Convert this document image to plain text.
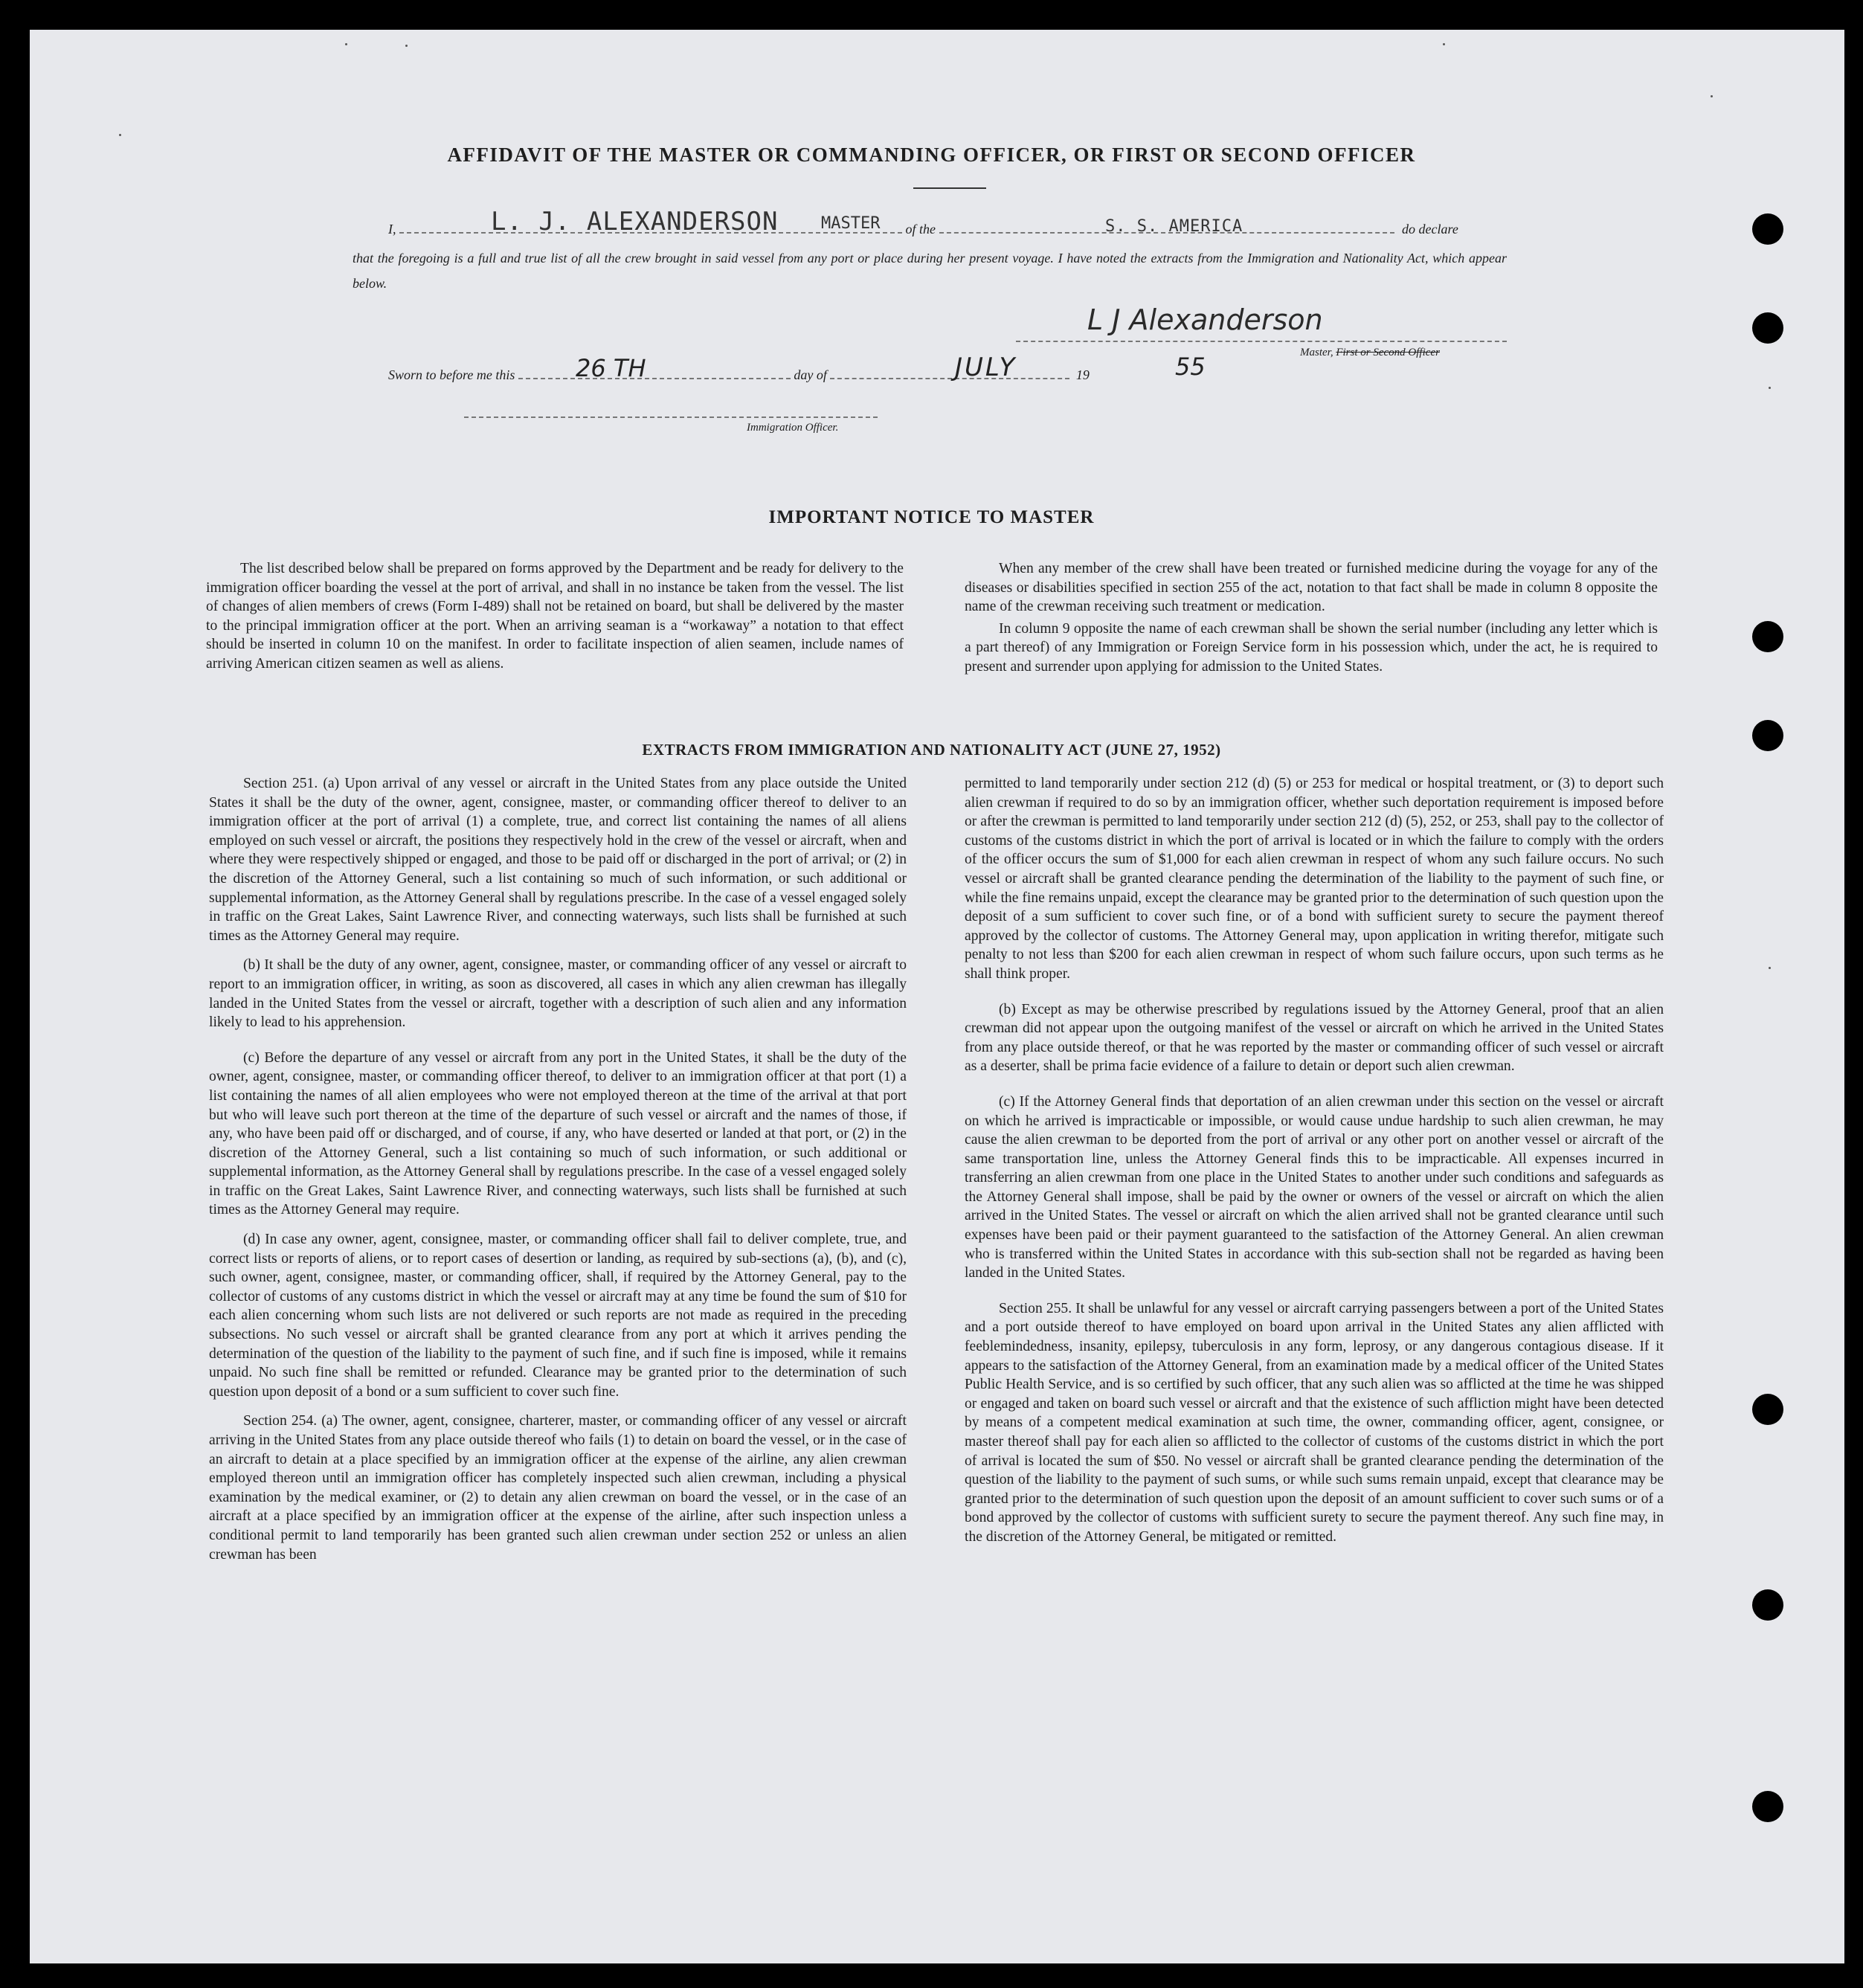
AFFIDAVIT OF THE MASTER OR COMMANDING OFFICER, OR FIRST OR SECOND OFFICER
I,	of the	do declare
L. J. ALEXANDERSON	MASTER	S. S. AMERICA
that the foregoing is a full and true list of all the crew brought in said vessel from any port or place during her present voyage. I have noted the extracts from the Immigration and Nationality Act, which appear below.
L J Alexanderson
Master, First or Second Officer
Sworn to before me this	day of	19
26 TH	JULY	55
Immigration Officer.
IMPORTANT NOTICE TO MASTER

The list described below shall be prepared on forms approved by the Department and be ready for delivery to the immigration officer boarding the vessel at the port of arrival, and shall in no instance be taken from the vessel. The list of changes of alien members of crews (Form I-489) shall not be retained on board, but shall be delivered by the master to the principal immigration officer at the port. When an arriving seaman is a “workaway” a notation to that effect should be inserted in column 10 on the manifest. In order to facilitate inspection of alien seamen, include names of arriving American citizen seamen as well as aliens.

When any member of the crew shall have been treated or furnished medicine during the voyage for any of the diseases or disabilities specified in section 255 of the act, notation to that fact shall be made in column 8 opposite the name of the crewman receiving such treatment or medication.

In column 9 opposite the name of each crewman shall be shown the serial number (including any letter which is a part thereof) of any Immigration or Foreign Service form in his possession which, under the act, he is required to present and surrender upon applying for admission to the United States.

EXTRACTS FROM IMMIGRATION AND NATIONALITY ACT (JUNE 27, 1952)

Section 251. (a) Upon arrival of any vessel or aircraft in the United States from any place outside the United States it shall be the duty of the owner, agent, consignee, master, or commanding officer thereof to deliver to an immigration officer at the port of arrival (1) a complete, true, and correct list containing the names of all aliens employed on such vessel or aircraft, the positions they respectively hold in the crew of the vessel or aircraft, when and where they were respectively shipped or engaged, and those to be paid off or discharged in the port of arrival; or (2) in the discretion of the Attorney General, such a list containing so much of such information, or such additional or supplemental information, as the Attorney General shall by regulations prescribe. In the case of a vessel engaged solely in traffic on the Great Lakes, Saint Lawrence River, and connecting waterways, such lists shall be furnished at such times as the Attorney General may require.

(b) It shall be the duty of any owner, agent, consignee, master, or commanding officer of any vessel or aircraft to report to an immigration officer, in writing, as soon as discovered, all cases in which any alien crewman has illegally landed in the United States from the vessel or aircraft, together with a description of such alien and any information likely to lead to his apprehension.

(c) Before the departure of any vessel or aircraft from any port in the United States, it shall be the duty of the owner, agent, consignee, master, or commanding officer thereof, to deliver to an immigration officer at that port (1) a list containing the names of all alien employees who were not employed thereon at the time of the arrival at that port but who will leave such port thereon at the time of the departure of such vessel or aircraft and the names of those, if any, who have been paid off or discharged, and of course, if any, who have deserted or landed at that port, or (2) in the discretion of the Attorney General, such a list containing so much of such information, or such additional or supplemental information, as the Attorney General shall by regulations prescribe. In the case of a vessel engaged solely in traffic on the Great Lakes, Saint Lawrence River, and connecting waterways, such lists shall be furnished at such times as the Attorney General may require.

(d) In case any owner, agent, consignee, master, or commanding officer shall fail to deliver complete, true, and correct lists or reports of aliens, or to report cases of desertion or landing, as required by sub-sections (a), (b), and (c), such owner, agent, consignee, master, or commanding officer, shall, if required by the Attorney General, pay to the collector of customs of any customs district in which the vessel or aircraft may at any time be found the sum of $10 for each alien concerning whom such lists are not delivered or such reports are not made as required in the preceding subsections. No such vessel or aircraft shall be granted clearance from any port at which it arrives pending the determination of the question of the liability to the payment of such fine, and if such fine is imposed, while it remains unpaid. No such fine shall be remitted or refunded. Clearance may be granted prior to the determination of such question upon deposit of a bond or a sum sufficient to cover such fine.

Section 254. (a) The owner, agent, consignee, charterer, master, or commanding officer of any vessel or aircraft arriving in the United States from any place outside thereof who fails (1) to detain on board the vessel, or in the case of an aircraft to detain at a place specified by an immigration officer at the expense of the airline, any alien crewman employed thereon until an immigration officer has completely inspected such alien crewman, including a physical examination by the medical examiner, or (2) to detain any alien crewman on board the vessel, or in the case of an aircraft at a place specified by an immigration officer at the expense of the airline, after such inspection unless a conditional permit to land temporarily has been granted such alien crewman under section 252 or unless an alien crewman has been

permitted to land temporarily under section 212 (d) (5) or 253 for medical or hospital treatment, or (3) to deport such alien crewman if required to do so by an immigration officer, whether such deportation requirement is imposed before or after the crewman is permitted to land temporarily under section 212 (d) (5), 252, or 253, shall pay to the collector of customs of the customs district in which the port of arrival is located or in which the failure to comply with the orders of the officer occurs the sum of $1,000 for each alien crewman in respect of whom any such failure occurs. No such vessel or aircraft shall be granted clearance pending the determination of the liability to the payment of such fine, or while the fine remains unpaid, except the clearance may be granted prior to the determination of such question upon the deposit of a sum sufficient to cover such fine, or of a bond with sufficient surety to secure the payment thereof approved by the collector of customs. The Attorney General may, upon application in writing therefor, mitigate such penalty to not less than $200 for each alien crewman in respect of whom such failure occurs, upon such terms as he shall think proper.

(b) Except as may be otherwise prescribed by regulations issued by the Attorney General, proof that an alien crewman did not appear upon the outgoing manifest of the vessel or aircraft on which he arrived in the United States from any place outside thereof, or that he was reported by the master or commanding officer of such vessel or aircraft as a deserter, shall be prima facie evidence of a failure to detain or deport such alien crewman.

(c) If the Attorney General finds that deportation of an alien crewman under this section on the vessel or aircraft on which he arrived is impracticable or impossible, or would cause undue hardship to such alien crewman, he may cause the alien crewman to be deported from the port of arrival or any other port on another vessel or aircraft of the same transportation line, unless the Attorney General finds this to be impracticable. All expenses incurred in transferring an alien crewman from one place in the United States to another under such conditions and safeguards as the Attorney General shall impose, shall be paid by the owner or owners of the vessel or aircraft on which the alien arrived in the United States. The vessel or aircraft on which the alien arrived shall not be granted clearance until such expenses have been paid or their payment guaranteed to the satisfaction of the Attorney General. An alien crewman who is transferred within the United States in accordance with this sub-section shall not be regarded as having been landed in the United States.

Section 255. It shall be unlawful for any vessel or aircraft carrying passengers between a port of the United States and a port outside thereof to have employed on board upon arrival in the United States any alien afflicted with feeblemindedness, insanity, epilepsy, tuberculosis in any form, leprosy, or any dangerous contagious disease. If it appears to the satisfaction of the Attorney General, from an examination made by a medical officer of the United States Public Health Service, and is so certified by such officer, that any such alien was so afflicted at the time he was shipped or engaged and taken on board such vessel or aircraft and that the existence of such affliction might have been detected by means of a competent medical examination at such time, the owner, commanding officer, agent, consignee, or master thereof shall pay for each alien so afflicted to the collector of customs of the customs district in which the port of arrival is located the sum of $50. No vessel or aircraft shall be granted clearance pending the determination of the question of the liability to the payment of such sums, or while such sums remain unpaid, except that clearance may be granted prior to the determination of such question upon the deposit of an amount sufficient to cover such sums or of a bond approved by the collector of customs with sufficient surety to secure the payment thereof. Any such fine may, in the discretion of the Attorney General, be mitigated or remitted.
